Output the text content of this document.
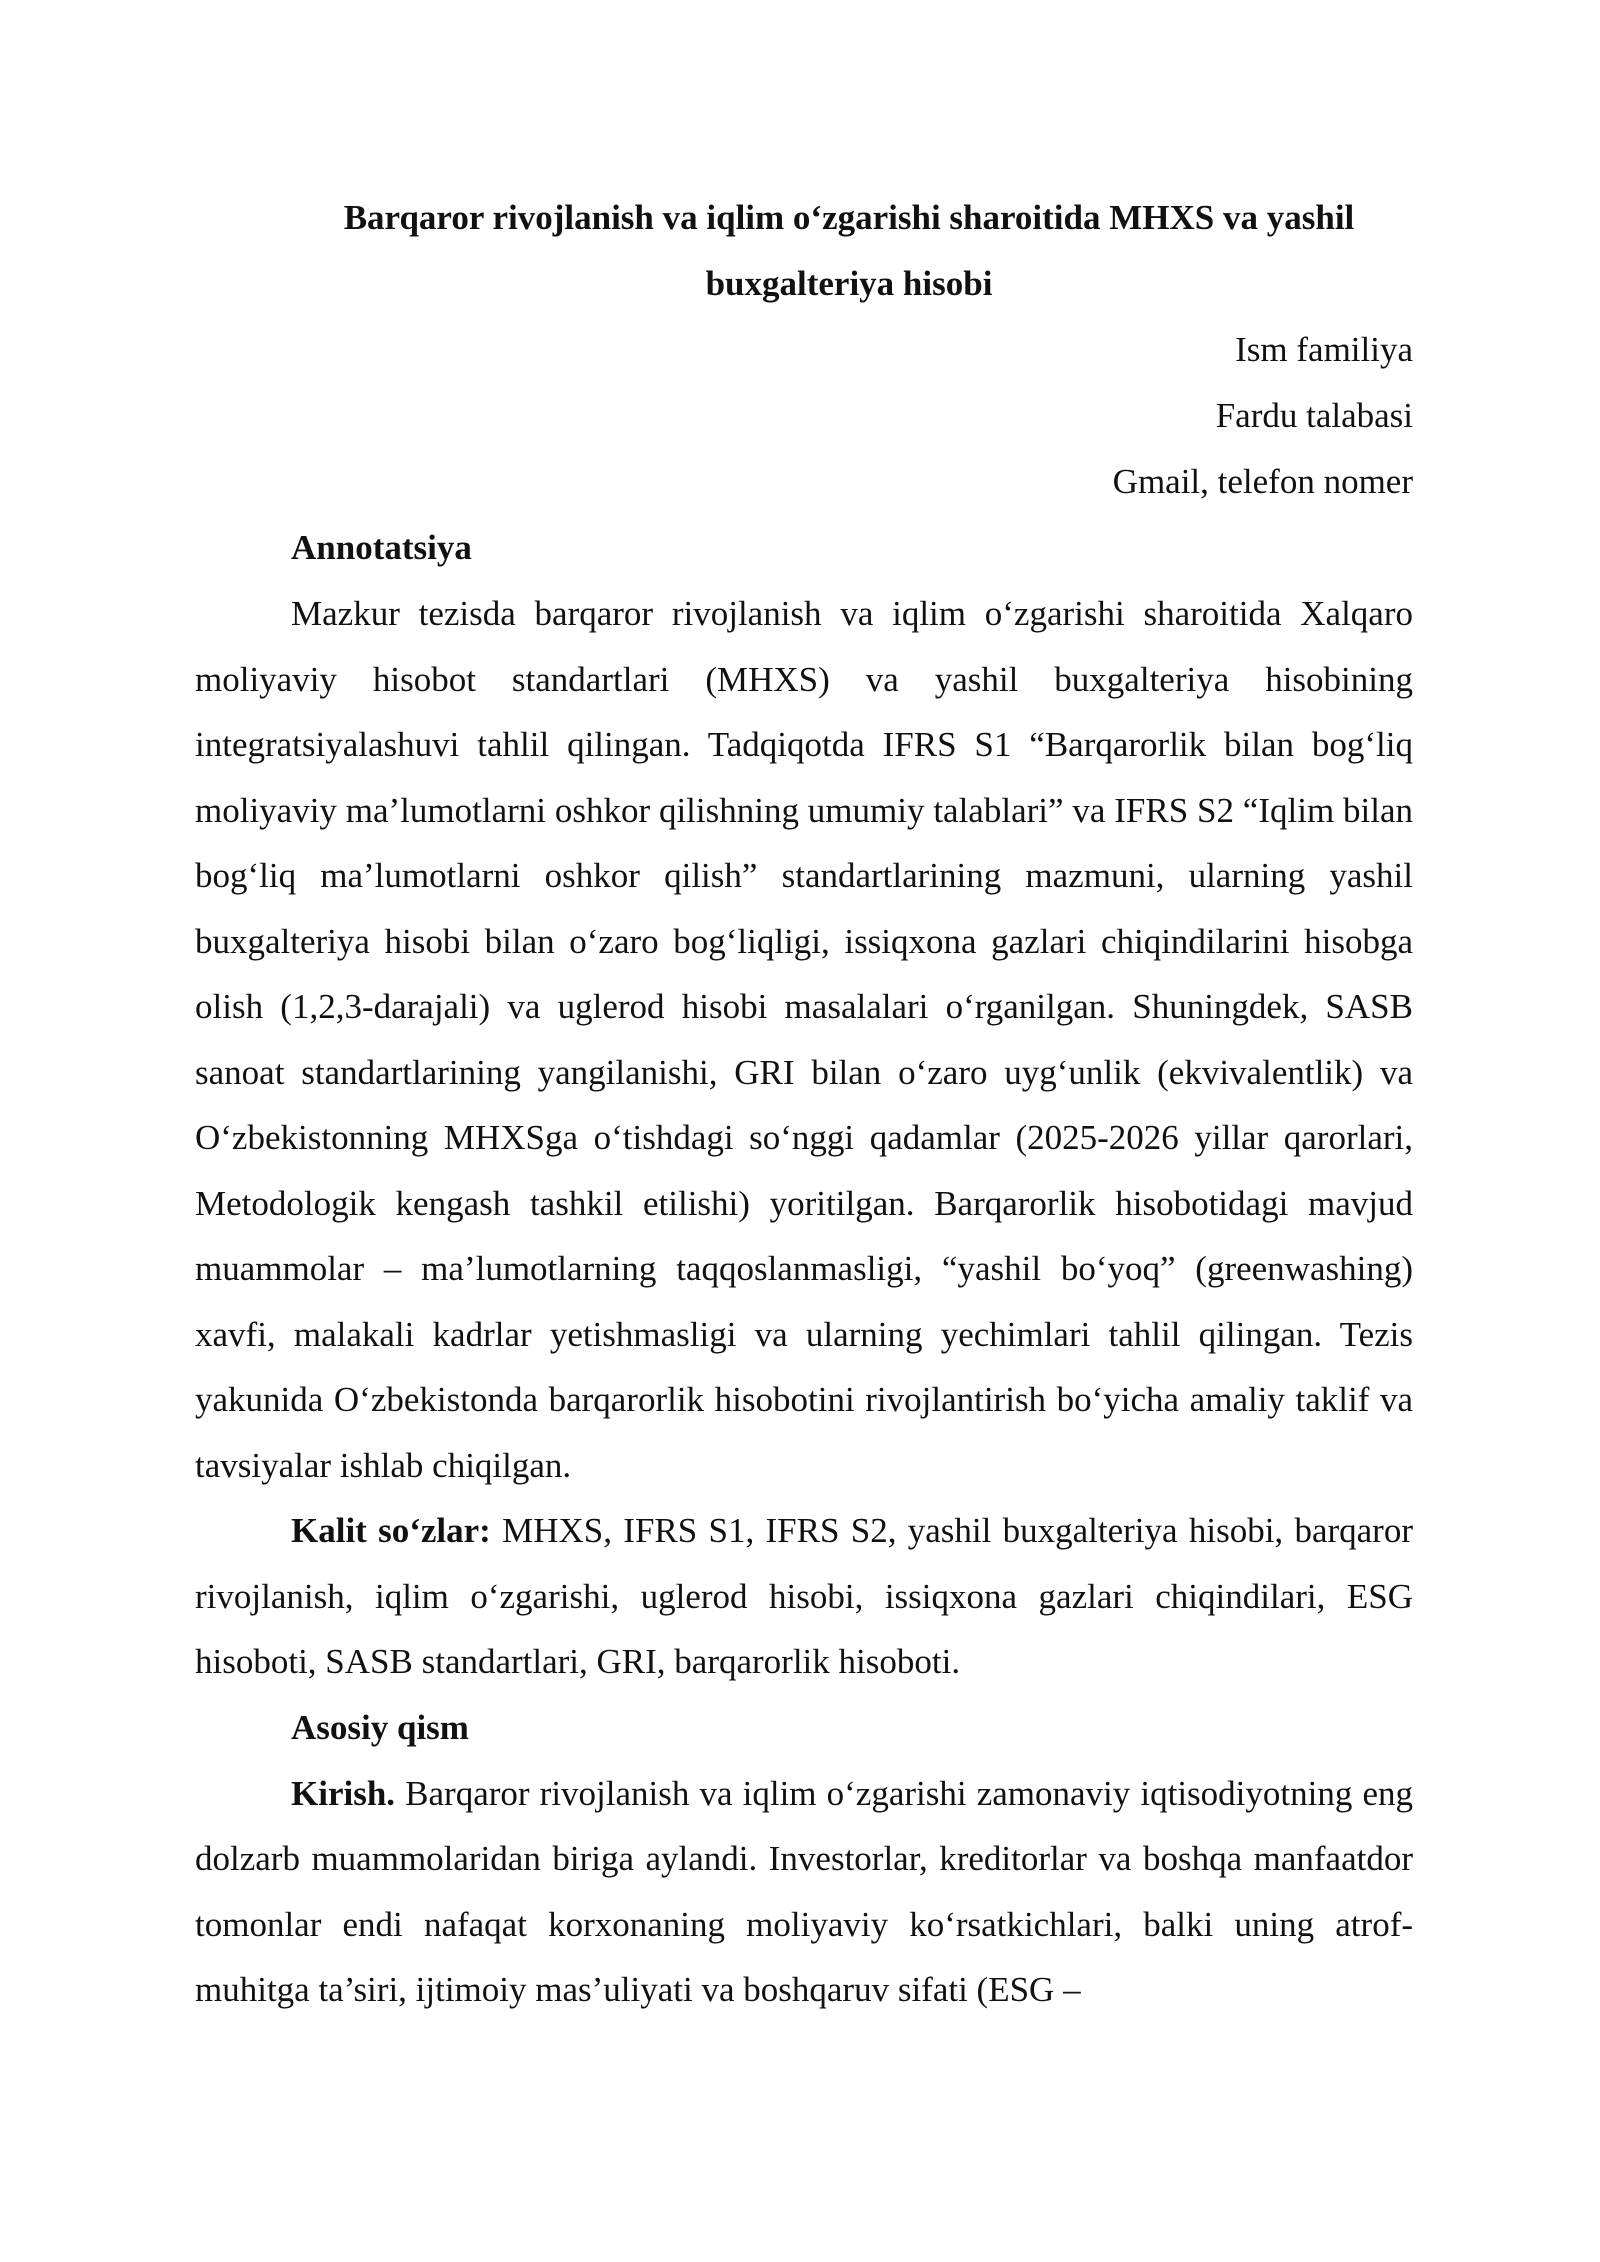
Barqaror rivojlanish va iqlim o‘zgarishi sharoitida MHXS va yashil
buxgalteriya hisobi
Ism familiya
Fardu talabasi
Gmail, telefon nomer

Annotatsiya

Mazkur tezisda barqaror rivojlanish va iqlim o‘zgarishi sharoitida Xalqaro moliyaviy hisobot standartlari (MHXS) va yashil buxgalteriya hisobining integratsiyalashuvi tahlil qilingan. Tadqiqotda IFRS S1 “Barqarorlik bilan bog‘liq moliyaviy ma’lumotlarni oshkor qilishning umumiy talablari” va IFRS S2 “Iqlim bilan bog‘liq ma’lumotlarni oshkor qilish” standartlarining mazmuni, ularning yashil buxgalteriya hisobi bilan o‘zaro bog‘liqligi, issiqxona gazlari chiqindilarini hisobga olish (1,2,3-darajali) va uglerod hisobi masalalari o‘rganilgan. Shuningdek, SASB sanoat standartlarining yangilanishi, GRI bilan o‘zaro uyg‘unlik (ekvivalentlik) va O‘zbekistonning MHXSga o‘tishdagi so‘nggi qadamlar (2025-2026 yillar qarorlari, Metodologik kengash tashkil etilishi) yoritilgan. Barqarorlik hisobotidagi mavjud muammolar – ma’lumotlarning taqqoslanmasligi, “yashil bo‘yoq” (greenwashing) xavfi, malakali kadrlar yetishmasligi va ularning yechimlari tahlil qilingan. Tezis yakunida O‘zbekistonda barqarorlik hisobotini rivojlantirish bo‘yicha amaliy taklif va tavsiyalar ishlab chiqilgan.

Kalit so‘zlar: MHXS, IFRS S1, IFRS S2, yashil buxgalteriya hisobi, barqaror rivojlanish, iqlim o‘zgarishi, uglerod hisobi, issiqxona gazlari chiqindilari, ESG hisoboti, SASB standartlari, GRI, barqarorlik hisoboti.

Asosiy qism

Kirish. Barqaror rivojlanish va iqlim o‘zgarishi zamonaviy iqtisodiyotning eng dolzarb muammolaridan biriga aylandi. Investorlar, kreditorlar va boshqa manfaatdor tomonlar endi nafaqat korxonaning moliyaviy ko‘rsatkichlari, balki uning atrof-muhitga ta’siri, ijtimoiy mas’uliyati va boshqaruv sifati (ESG –
